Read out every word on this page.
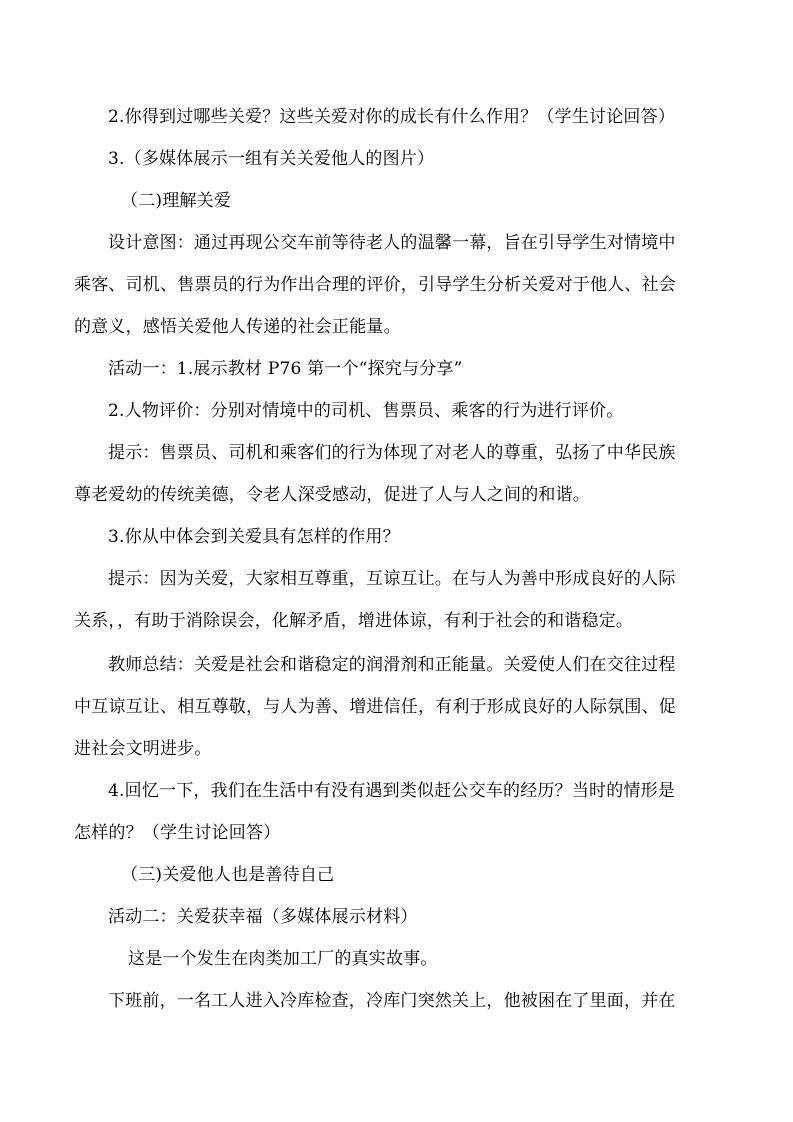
2.你得到过哪些关爱？这些关爱对你的成长有什么作用？（学生讨论回答）
3.（多媒体展示一组有关关爱他人的图片）
（二)理解关爱
设计意图：通过再现公交车前等待老人的温馨一幕，旨在引导学生对情境中
乘客、司机、售票员的行为作出合理的评价，引导学生分析关爱对于他人、社会
的意义，感悟关爱他人传递的社会正能量。
活动一：1.展示教材 P76 第一个“探究与分享”
2.人物评价：分别对情境中的司机、售票员、乘客的行为进行评价。
提示：售票员、司机和乘客们的行为体现了对老人的尊重，弘扬了中华民族
尊老爱幼的传统美德，令老人深受感动，促进了人与人之间的和谐。
3.你从中体会到关爱具有怎样的作用？
提示：因为关爱，大家相互尊重，互谅互让。在与人为善中形成良好的人际
关系，，有助于消除误会，化解矛盾，增进体谅，有利于社会的和谐稳定。
教师总结：关爱是社会和谐稳定的润滑剂和正能量。关爱使人们在交往过程
中互谅互让、相互尊敬，与人为善、增进信任，有利于形成良好的人际氛围、促
进社会文明进步。
4.回忆一下，我们在生活中有没有遇到类似赶公交车的经历？当时的情形是
怎样的？（学生讨论回答）
（三)关爱他人也是善待自己
活动二：关爱获幸福（多媒体展示材料）
这是一个发生在肉类加工厂的真实故事。
下班前，一名工人进入冷库检查，冷库门突然关上，他被困在了里面，并在
